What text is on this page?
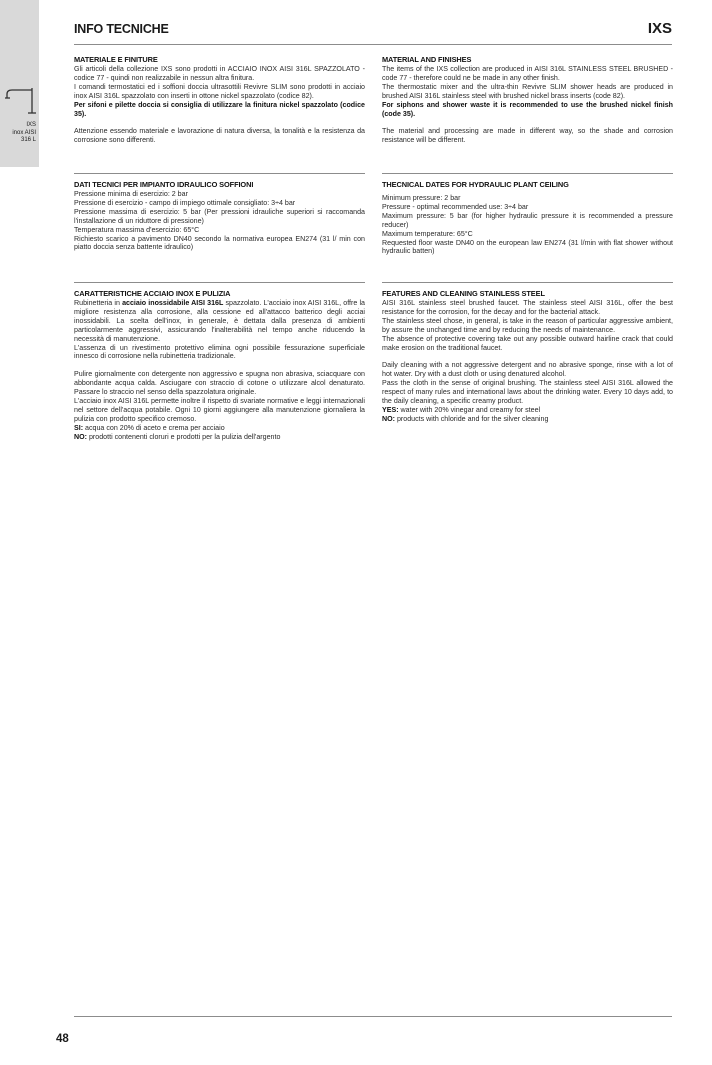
IXS
inox AISI
316 L
INFO TECNICHE	IXS
MATERIALE E FINITURE

Gli articoli della collezione IXS sono prodotti in ACCIAIO INOX AISI 316L SPAZZOLATO - codice 77 - quindi non realizzabile in nessun altra finitura.

I comandi termostatici ed i soffioni doccia ultrasottili Revivre SLIM sono prodotti in acciaio inox AISI 316L spazzolato con inserti in ottone nickel spazzolato (codice 82).

Per sifoni e pilette doccia si consiglia di utilizzare la finitura nickel spazzolato (codice 35).

Attenzione essendo materiale e lavorazione di natura diversa, la tonalità e la resistenza da corrosione sono differenti.

MATERIAL AND FINISHES

The items of the IXS collection are produced in AISI 316L STAINLESS STEEL BRUSHED - code 77 - therefore could ne be made in any other finish.

The thermostatic mixer and the ultra-thin Revivre SLIM shower heads are produced in brushed AISI 316L stainless steel with brushed nickel brass inserts (code 82).

For siphons and shower waste it is recommended to use the brushed nickel finish (code 35).

The material and processing are made in different way, so the shade and corrosion resistance will be different.

DATI TECNICI PER IMPIANTO IDRAULICO SOFFIONI

Pressione minima di esercizio: 2 bar

Pressione di esercizio - campo di impiego ottimale consigliato: 3÷4 bar

Pressione massima di esercizio: 5 bar (Per pressioni idrauliche superiori si raccomanda l'installazione di un riduttore di pressione)

Temperatura massima d'esercizio: 65°C

Richiesto scarico a pavimento DN40 secondo la normativa europea EN274 (31 l/ min con piatto doccia senza battente idraulico)

THECNICAL DATES FOR HYDRAULIC PLANT CEILING

Minimum pressure: 2 bar

Pressure - optimal recommended use: 3÷4 bar

Maximum pressure: 5 bar (for higher hydraulic pressure it is recommended a pressure reducer)

Maximum temperature: 65°C

Requested floor waste DN40 on the european law EN274 (31 l/min with flat shower without hydraulic batten)

CARATTERISTICHE ACCIAIO INOX E PULIZIA

Rubinetteria in acciaio inossidabile AISI 316L spazzolato. L'acciaio inox AISI 316L, offre la migliore resistenza alla corrosione, alla cessione ed all'attacco batterico degli acciai inossidabili. La scelta dell'inox, in generale, è dettata dalla presenza di ambienti particolarmente aggressivi, assicurando l'inalterabilità nel tempo anche riducendo la necessità di manutenzione.

L'assenza di un rivestimento protettivo elimina ogni possibile fessurazione superficiale innesco di corrosione nella rubinetteria tradizionale.

Pulire giornalmente con detergente non aggressivo e spugna non abrasiva, sciacquare con abbondante acqua calda. Asciugare con straccio di cotone o utilizzare alcol denaturato. Passare lo straccio nel senso della spazzolatura originale.

L'acciaio inox AISI 316L permette inoltre il rispetto di svariate normative e leggi internazionali nel settore dell'acqua potabile. Ogni 10 giorni aggiungere alla manutenzione giornaliera la pulizia con prodotto specifico cremoso.

SI: acqua con 20% di aceto e crema per acciaio

NO: prodotti contenenti cloruri e prodotti per la pulizia dell'argento

FEATURES AND CLEANING STAINLESS STEEL

AISI 316L stainless steel brushed faucet. The stainless steel AISI 316L, offer the best resistance for the corrosion, for the decay and for the bacterial attack.

The stainless steel chose, in general, is take in the reason of particular aggressive ambient, by assure the unchanged time and by reducing the needs of maintenance.

The absence of protective covering take out any possible outward hairline crack that could make erosion on the traditional faucet.

Daily cleaning with a not aggressive detergent and no abrasive sponge, rinse with a lot of hot water. Dry with a dust cloth or using denatured alcohol.

Pass the cloth in the sense of original brushing. The stainless steel AISI 316L allowed the respect of many rules and international laws about the drinking water. Every 10 days add, to the daily cleaning, a specific creamy product.

YES: water with 20% vinegar and creamy for steel

NO: products with chloride and for the silver cleaning

48
